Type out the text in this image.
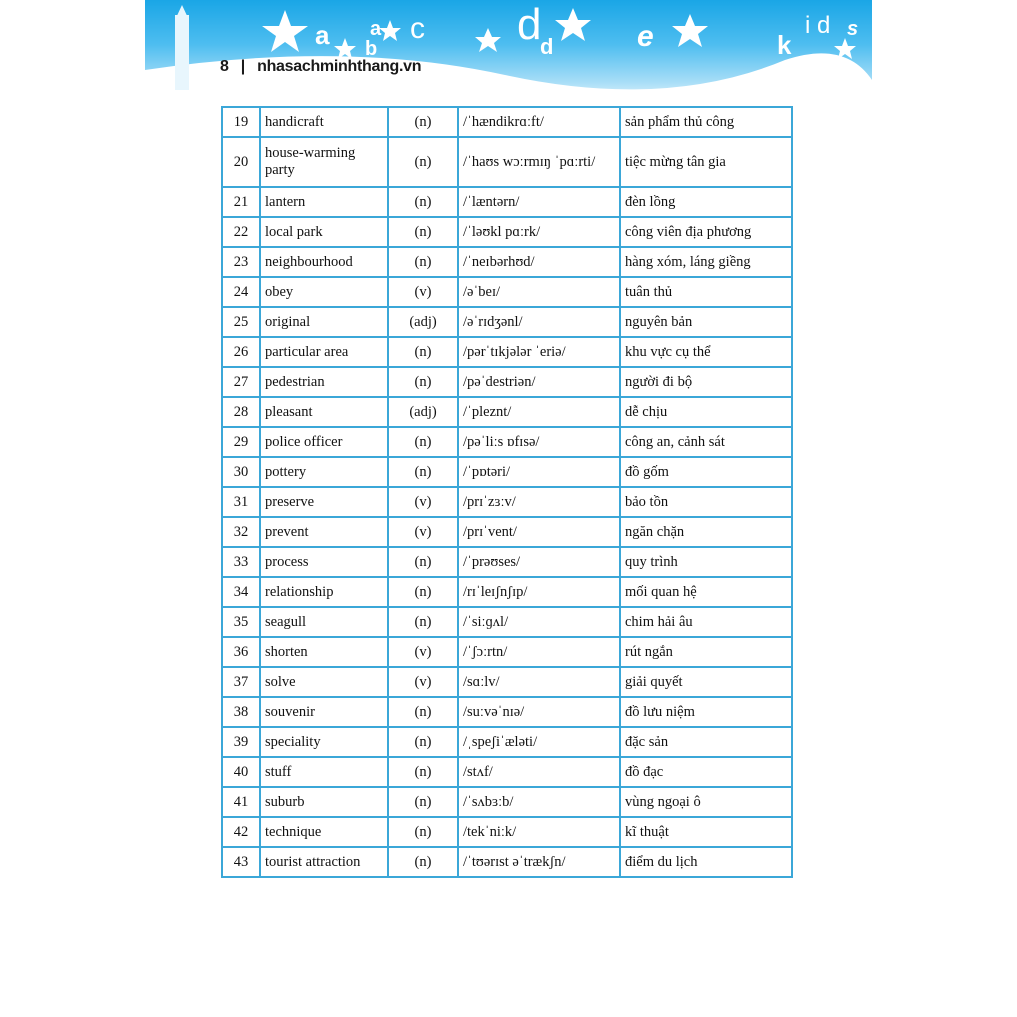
a a
b
c d
d	e	k
i d s
8 | nhasachminhthang.vn
19	handicraft	(n)	/ˈhændikrɑːft/	sản phẩm thủ công
20	house-warming party	(n)	/ˈhaʊs wɔːrmɪŋ ˈpɑːrti/	tiệc mừng tân gia
21	lantern	(n)	/ˈlæntərn/	đèn lồng
22	local park	(n)	/ˈləʊkl pɑːrk/	công viên địa phương
23	neighbourhood	(n)	/ˈneɪbərhʊd/	hàng xóm, láng giềng
24	obey	(v)	/əˈbeɪ/	tuân thủ
25	original	(adj)	/əˈrɪdʒənl/	nguyên bản
26	particular area	(n)	/pərˈtɪkjələr ˈeriə/	khu vực cụ thể
27	pedestrian	(n)	/pəˈdestriən/	người đi bộ
28	pleasant	(adj)	/ˈpleznt/	dễ chịu
29	police officer	(n)	/pəˈliːs ɒfɪsə/	công an, cảnh sát
30	pottery	(n)	/ˈpɒtəri/	đồ gốm
31	preserve	(v)	/prɪˈzɜːv/	bảo tồn
32	prevent	(v)	/prɪˈvent/	ngăn chặn
33	process	(n)	/ˈprəʊses/	quy trình
34	relationship	(n)	/rɪˈleɪʃnʃɪp/	mối quan hệ
35	seagull	(n)	/ˈsiːɡʌl/	chim hải âu
36	shorten	(v)	/ˈʃɔːrtn/	rút ngắn
37	solve	(v)	/sɑːlv/	giải quyết
38	souvenir	(n)	/suːvəˈnɪə/	đồ lưu niệm
39	speciality	(n)	/ˌspeʃiˈæləti/	đặc sản
40	stuff	(n)	/stʌf/	đồ đạc
41	suburb	(n)	/ˈsʌbɜːb/	vùng ngoại ô
42	technique	(n)	/tekˈniːk/	kĩ thuật
43	tourist attraction	(n)	/ˈtʊərɪst əˈtrækʃn/	điểm du lịch
